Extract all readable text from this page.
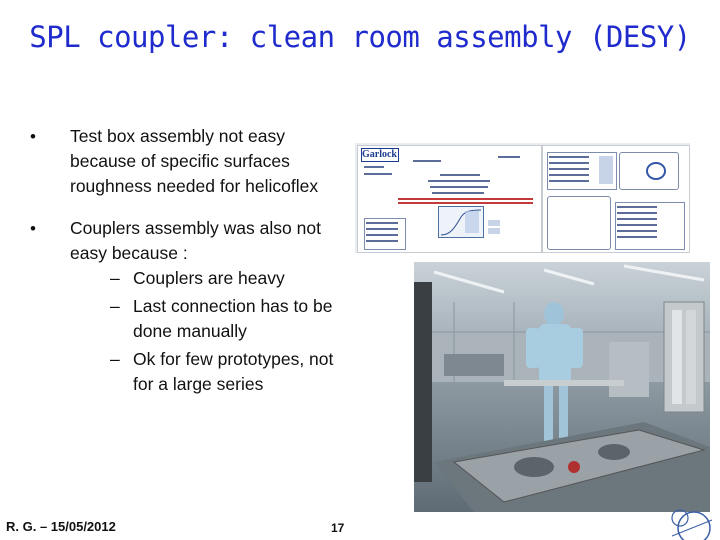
SPL coupler: clean room assembly (DESY)
• Test box assembly not easy because of specific surfaces roughness needed for helicoflex
• Couplers assembly was also not easy because :
– Couplers are heavy
– Last connection has to be done manually
– Ok for few prototypes, not for a large series
Garlock
R. G. – 15/05/2012	17
